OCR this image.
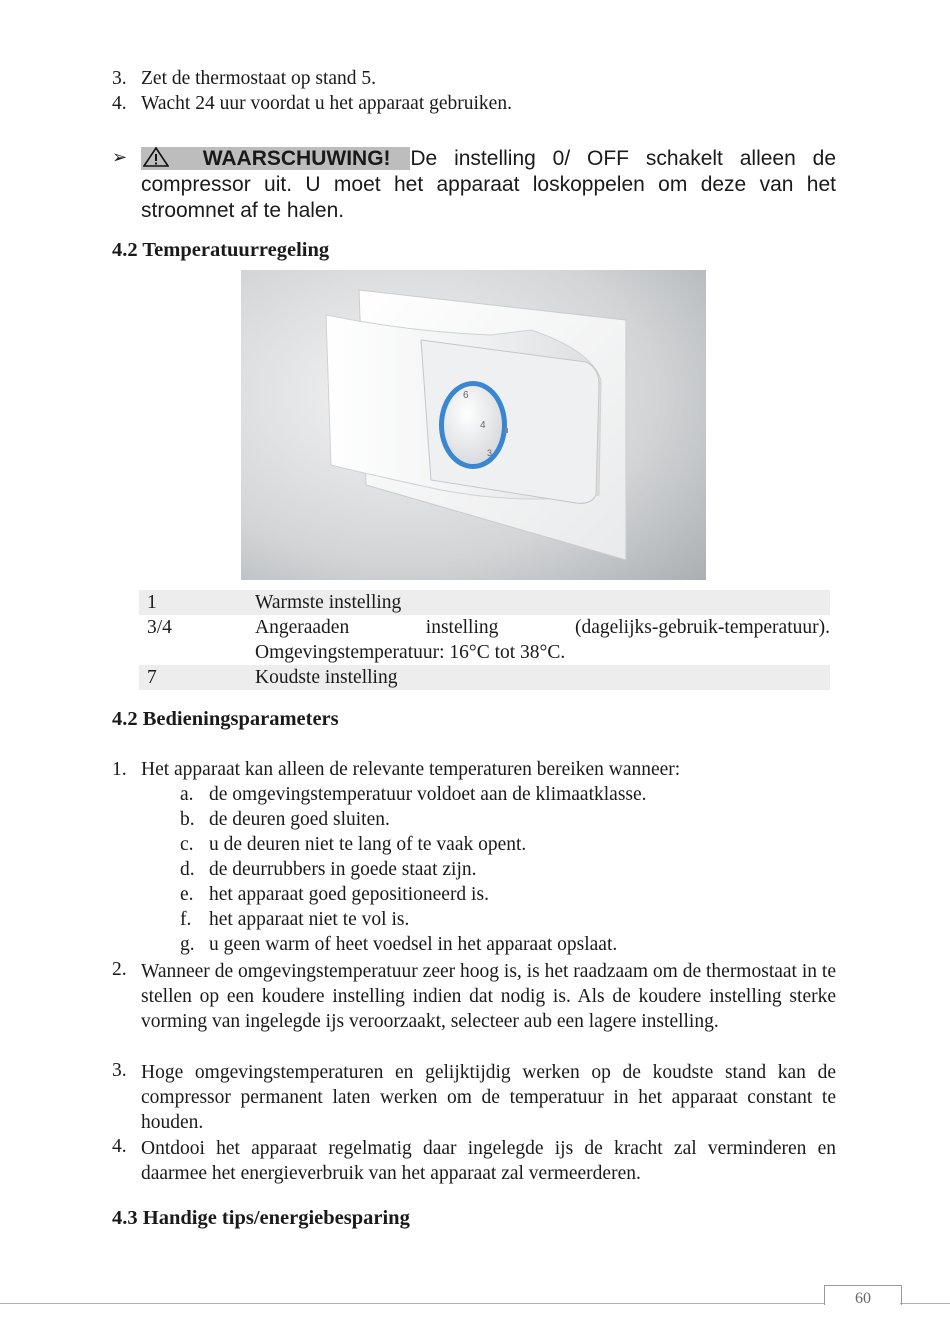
3. Zet de thermostaat op stand 5.
4. Wacht 24 uur voordat u het apparaat gebruiken.
➢	WAARSCHUWING! De instelling 0/ OFF schakelt alleen de compressor uit. U moet het apparaat loskoppelen om deze van het stroomnet af te halen.
4.2 Temperatuurregeling
6
4
3
1	Warmste instelling
3/4	Angeraaden instelling (dagelijks-gebruik-temperatuur). Omgevingstemperatuur: 16°C tot 38°C.
7	Koudste instelling
4.2 Bedieningsparameters
1. Het apparaat kan alleen de relevante temperaturen bereiken wanneer:
a. de omgevingstemperatuur voldoet aan de klimaatklasse.
b. de deuren goed sluiten.
c. u de deuren niet te lang of te vaak opent.
d. de deurrubbers in goede staat zijn.
e. het apparaat goed gepositioneerd is.
f. het apparaat niet te vol is.
g. u geen warm of heet voedsel in het apparaat opslaat.
2. Wanneer de omgevingstemperatuur zeer hoog is, is het raadzaam om de thermostaat in te stellen op een koudere instelling indien dat nodig is. Als de koudere instelling sterke vorming van ingelegde ijs veroorzaakt, selecteer aub een lagere instelling.
3. Hoge omgevingstemperaturen en gelijktijdig werken op de koudste stand kan de compressor permanent laten werken om de temperatuur in het apparaat constant te houden.
4. Ontdooi het apparaat regelmatig daar ingelegde ijs de kracht zal verminderen en daarmee het energieverbruik van het apparaat zal vermeerderen.
4.3 Handige tips/energiebesparing
60
